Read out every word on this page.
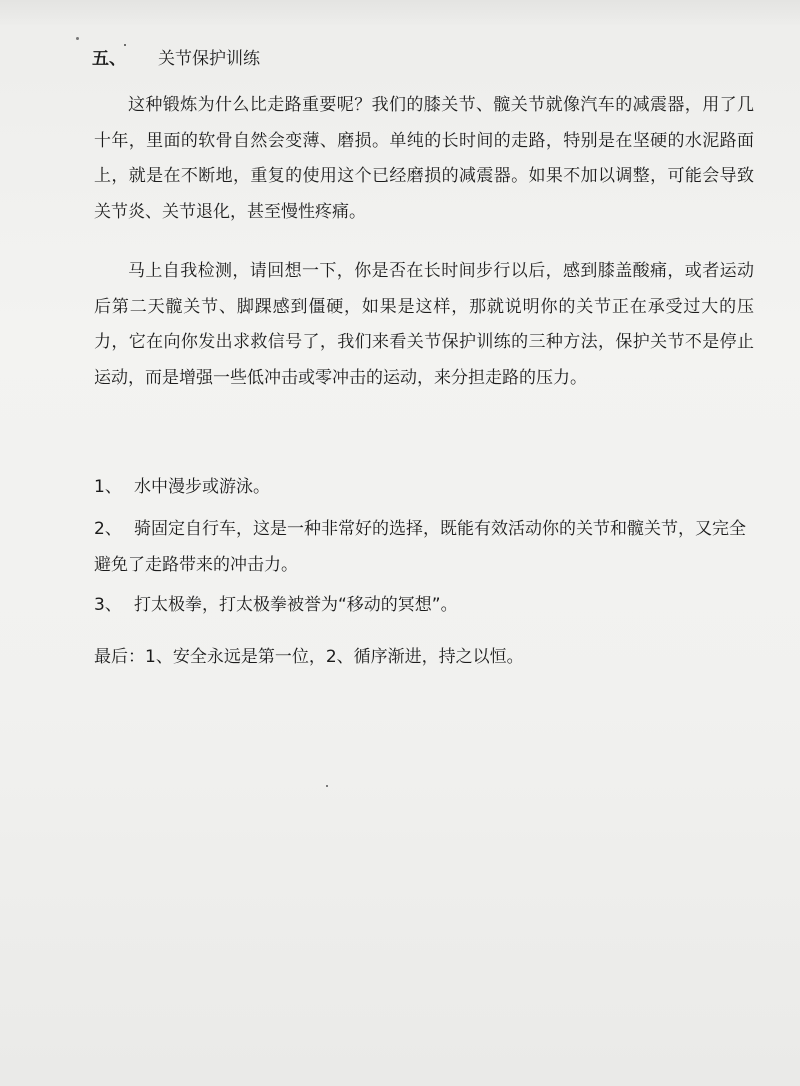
五、	关节保护训练

这种锻炼为什么比走路重要呢？我们的膝关节、髋关节就像汽车的减震器，用了几十年，里面的软骨自然会变薄、磨损。单纯的长时间的走路，特别是在坚硬的水泥路面上，就是在不断地，重复的使用这个已经磨损的减震器。如果不加以调整，可能会导致关节炎、关节退化，甚至慢性疼痛。

马上自我检测，请回想一下，你是否在长时间步行以后，感到膝盖酸痛，或者运动后第二天髋关节、脚踝感到僵硬，如果是这样，那就说明你的关节正在承受过大的压力，它在向你发出求救信号了，我们来看关节保护训练的三种方法，保护关节不是停止运动，而是增强一些低冲击或零冲击的运动，来分担走路的压力。

1、 水中漫步或游泳。
2、 骑固定自行车，这是一种非常好的选择，既能有效活动你的关节和髋关节，又完全避免了走路带来的冲击力。
3、 打太极拳，打太极拳被誉为“移动的冥想”。
最后：1、安全永远是第一位，2、循序渐进，持之以恒。
